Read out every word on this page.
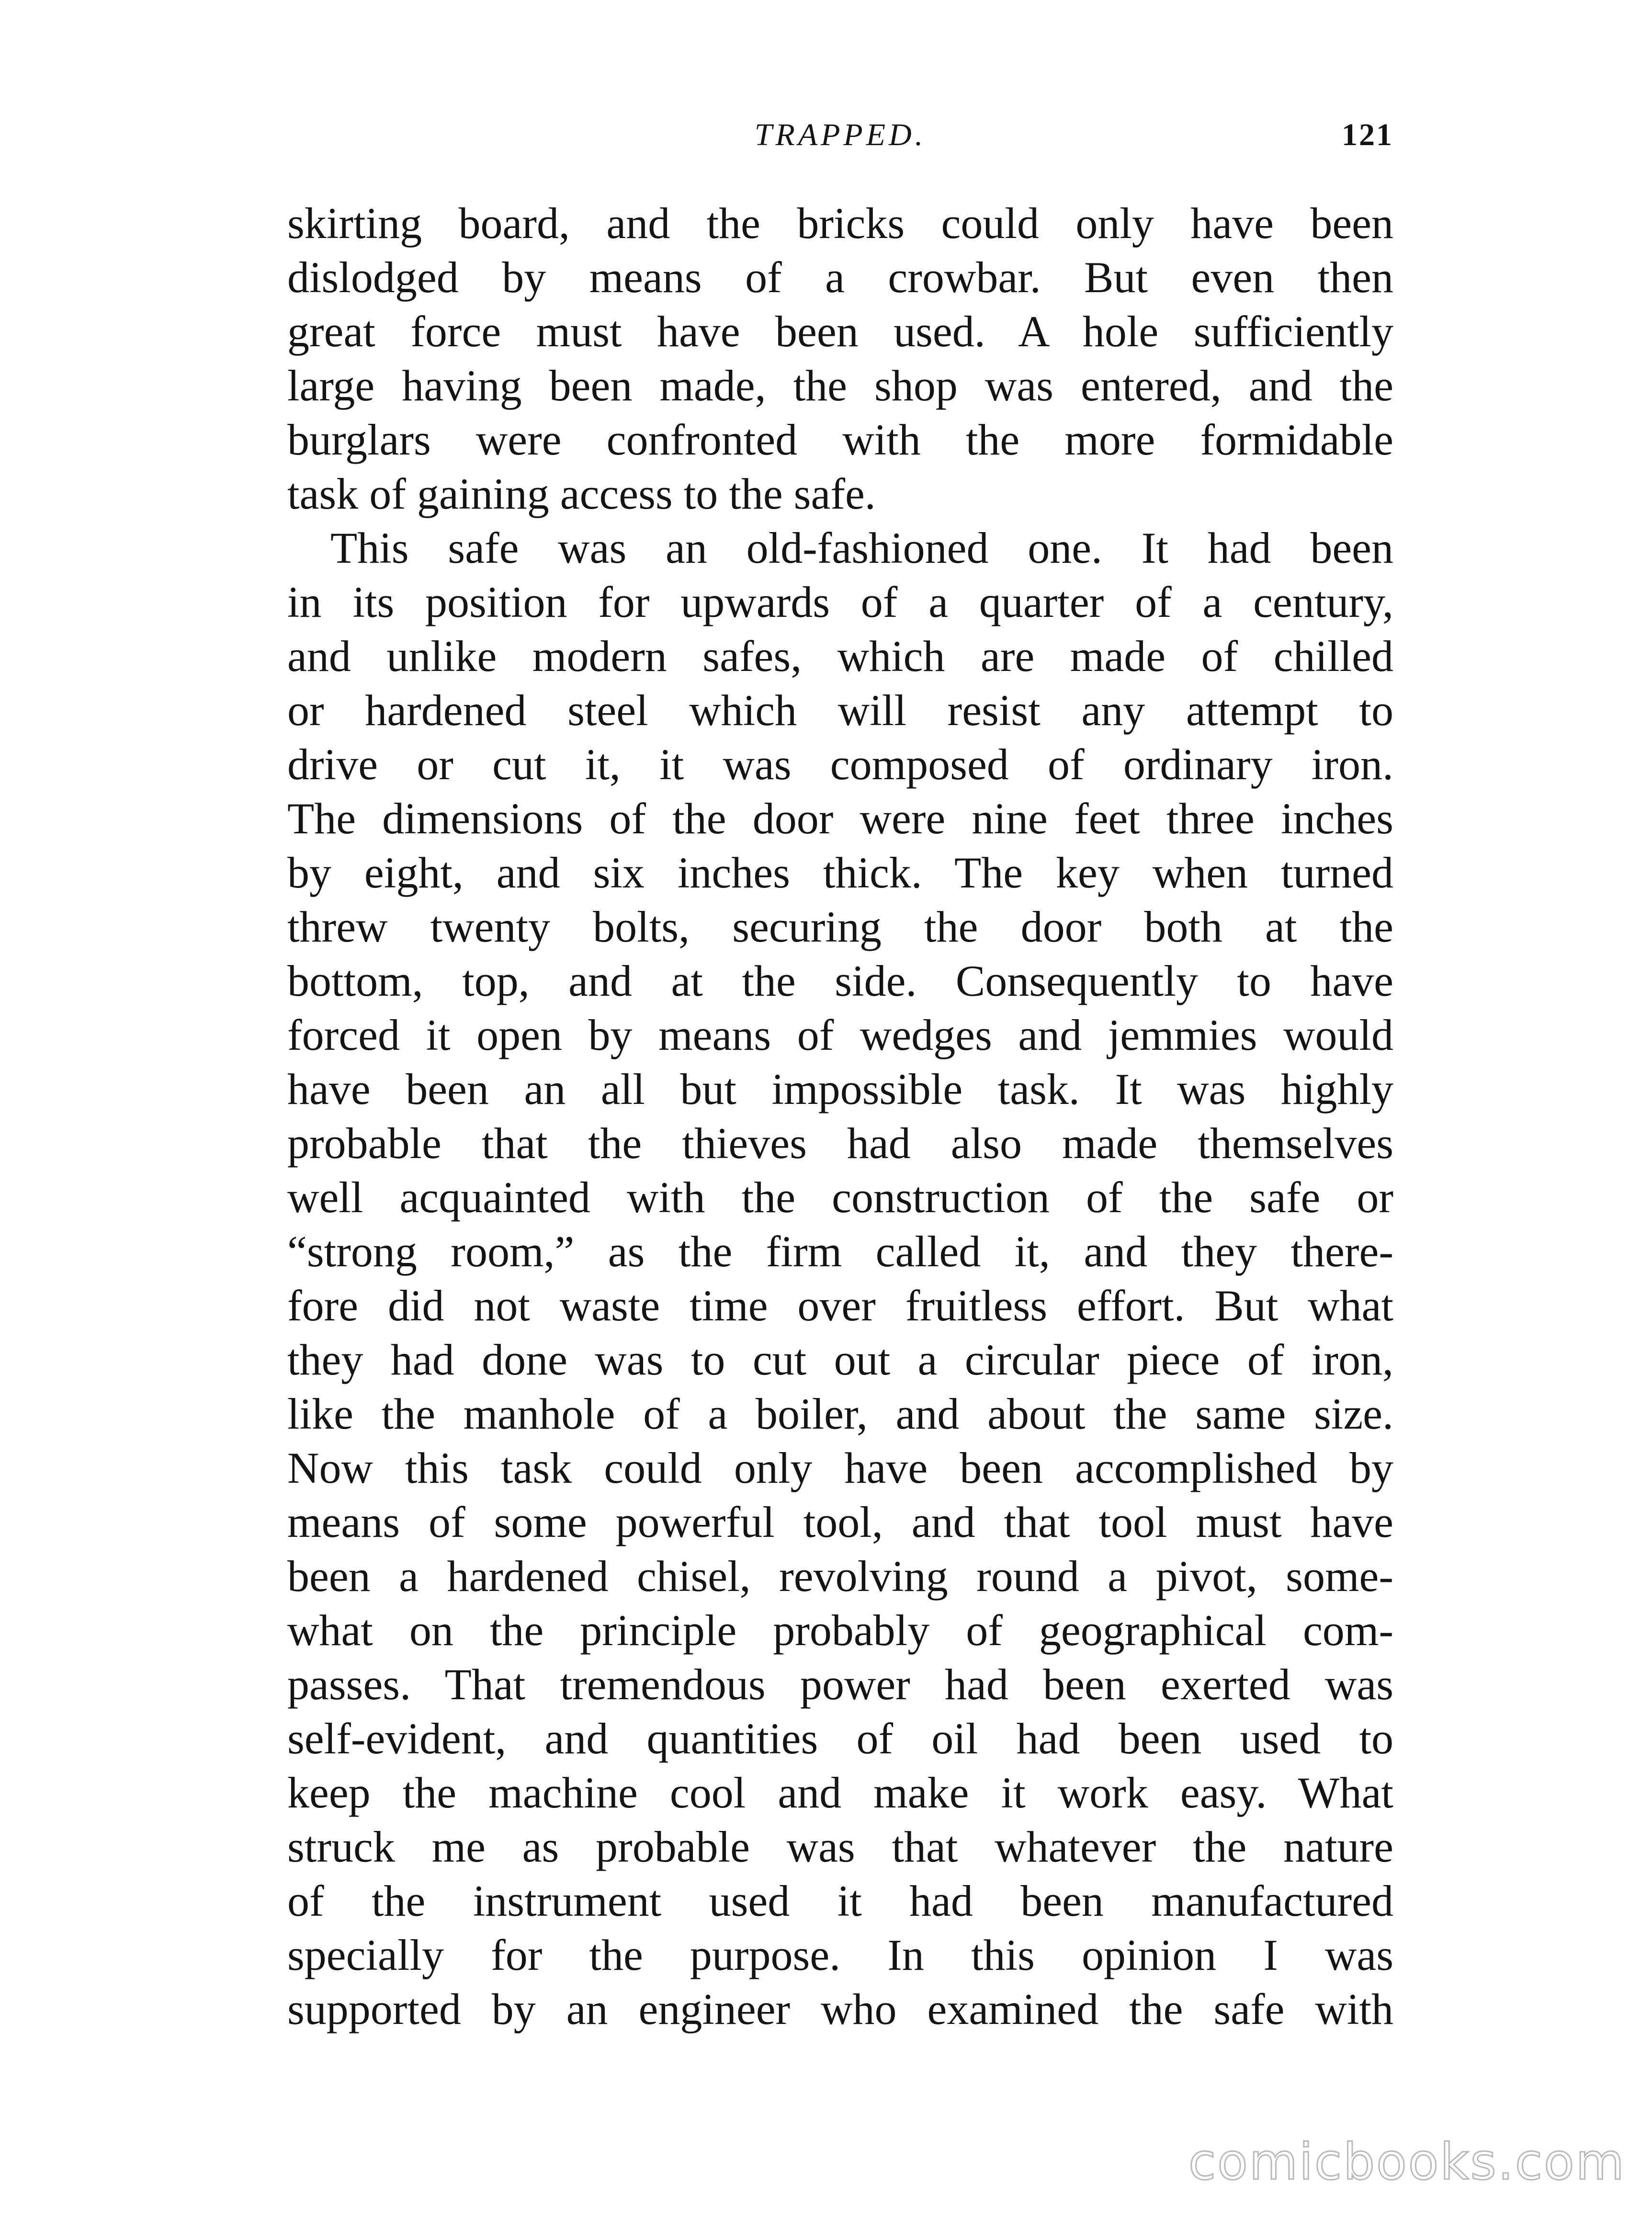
TRAPPED.	121
skirting board, and the bricks could only have been
dislodged by means of a crowbar. But even then
great force must have been used. A hole sufficiently
large having been made, the shop was entered, and the
burglars were confronted with the more formidable
task of gaining access to the safe.
This safe was an old-fashioned one. It had been
in its position for upwards of a quarter of a century,
and unlike modern safes, which are made of chilled
or hardened steel which will resist any attempt to
drive or cut it, it was composed of ordinary iron.
The dimensions of the door were nine feet three inches
by eight, and six inches thick. The key when turned
threw twenty bolts, securing the door both at the
bottom, top, and at the side. Consequently to have
forced it open by means of wedges and jemmies would
have been an all but impossible task. It was highly
probable that the thieves had also made themselves
well acquainted with the construction of the safe or
“strong room,” as the firm called it, and they there-
fore did not waste time over fruitless effort. But what
they had done was to cut out a circular piece of iron,
like the manhole of a boiler, and about the same size.
Now this task could only have been accomplished by
means of some powerful tool, and that tool must have
been a hardened chisel, revolving round a pivot, some-
what on the principle probably of geographical com-
passes. That tremendous power had been exerted was
self-evident, and quantities of oil had been used to
keep the machine cool and make it work easy. What
struck me as probable was that whatever the nature
of the instrument used it had been manufactured
specially for the purpose. In this opinion I was
supported by an engineer who examined the safe with
comicbooks.com
